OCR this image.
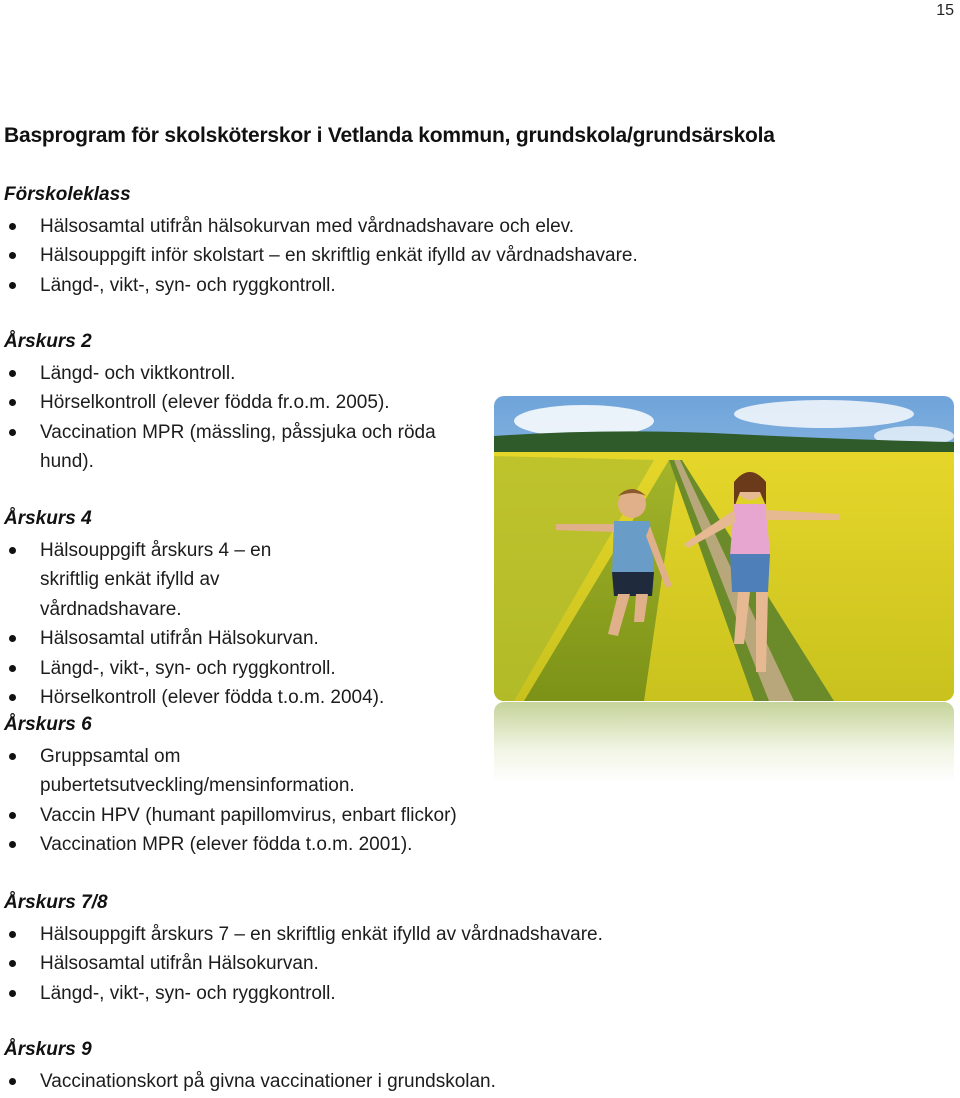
15
Basprogram för skolsköterskor i Vetlanda kommun, grundskola/grundsärskola
Förskoleklass
Hälsosamtal utifrån hälsokurvan med vårdnadshavare och elev.
Hälsouppgift inför skolstart – en skriftlig enkät ifylld av vårdnadshavare.
Längd-, vikt-, syn- och ryggkontroll.
Årskurs 2
Längd- och viktkontroll.
Hörselkontroll (elever födda fr.o.m. 2005).
Vaccination MPR (mässling, påssjuka och röda hund).
Årskurs 4
Hälsouppgift årskurs 4 – en skriftlig enkät ifylld av vårdnadshavare.
Hälsosamtal utifrån Hälsokurvan.
Längd-, vikt-, syn- och ryggkontroll.
Hörselkontroll (elever födda t.o.m. 2004).
Årskurs 6
Gruppsamtal om pubertetsutveckling/mensinformation.
Vaccin HPV (humant papillomvirus, enbart flickor)
Vaccination MPR (elever födda t.o.m. 2001).
Årskurs 7/8
Hälsouppgift årskurs 7 – en skriftlig enkät ifylld av vårdnadshavare.
Hälsosamtal utifrån Hälsokurvan.
Längd-, vikt-, syn- och ryggkontroll.
Årskurs 9
Vaccinationskort på givna vaccinationer i grundskolan.
